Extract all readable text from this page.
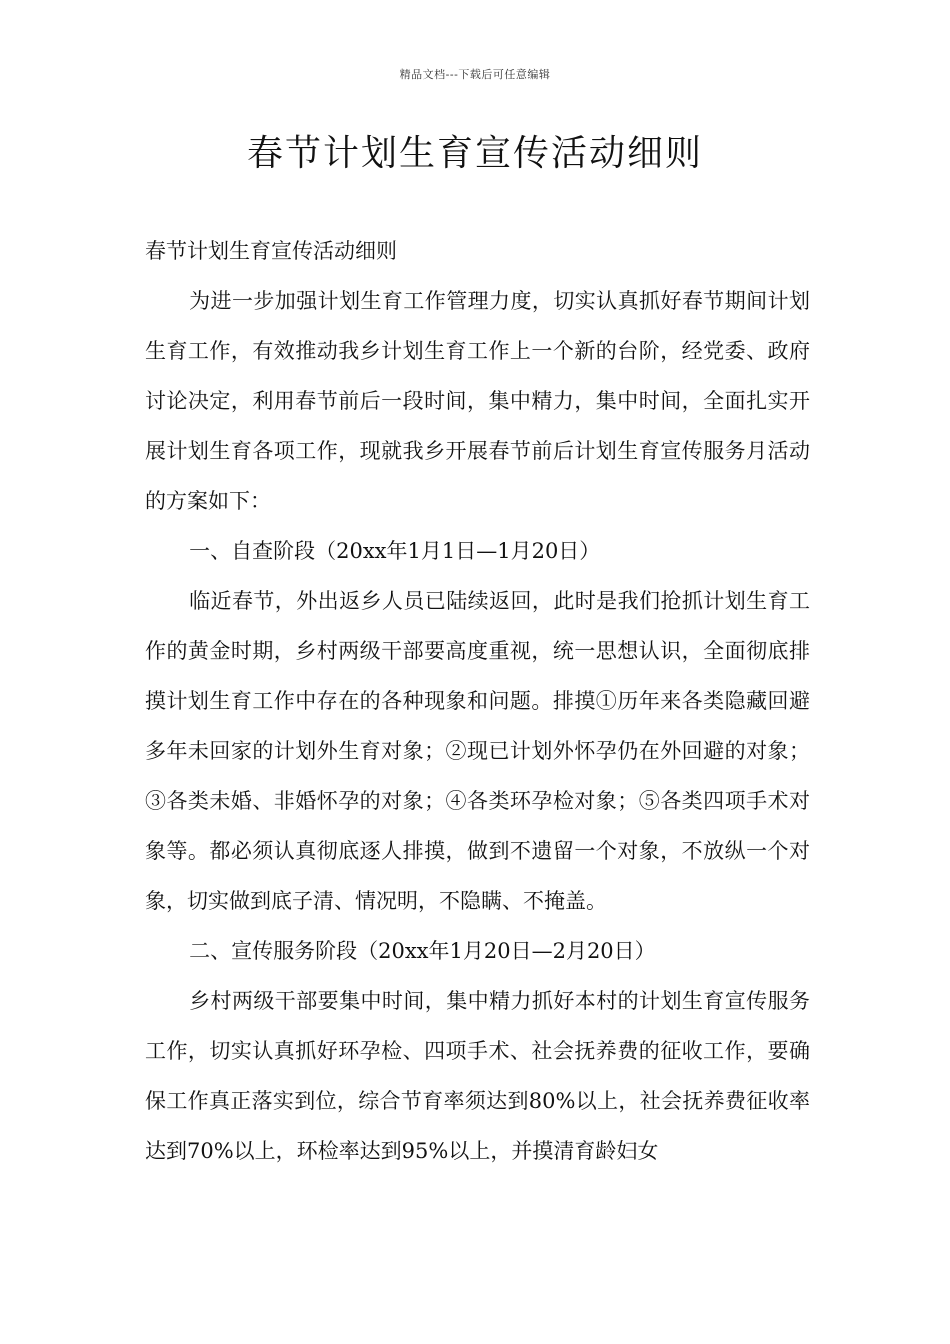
精品文档---下载后可任意编辑
春节计划生育宣传活动细则

春节计划生育宣传活动细则

为进一步加强计划生育工作管理力度，切实认真抓好春节期间计划生育工作，有效推动我乡计划生育工作上一个新的台阶，经党委、政府讨论决定，利用春节前后一段时间，集中精力，集中时间，全面扎实开展计划生育各项工作，现就我乡开展春节前后计划生育宣传服务月活动的方案如下：

一、自查阶段（20xx年1月1日—1月20日）

临近春节，外出返乡人员已陆续返回，此时是我们抢抓计划生育工作的黄金时期，乡村两级干部要高度重视，统一思想认识，全面彻底排摸计划生育工作中存在的各种现象和问题。排摸①历年来各类隐藏回避多年未回家的计划外生育对象；②现已计划外怀孕仍在外回避的对象；③各类未婚、非婚怀孕的对象；④各类环孕检对象；⑤各类四项手术对象等。都必须认真彻底逐人排摸，做到不遗留一个对象，不放纵一个对象，切实做到底子清、情况明，不隐瞒、不掩盖。

二、宣传服务阶段（20xx年1月20日—2月20日）

乡村两级干部要集中时间，集中精力抓好本村的计划生育宣传服务工作，切实认真抓好环孕检、四项手术、社会抚养费的征收工作，要确保工作真正落实到位，综合节育率须达到80%以上，社会抚养费征收率达到70%以上，环检率达到95%以上，并摸清育龄妇女
